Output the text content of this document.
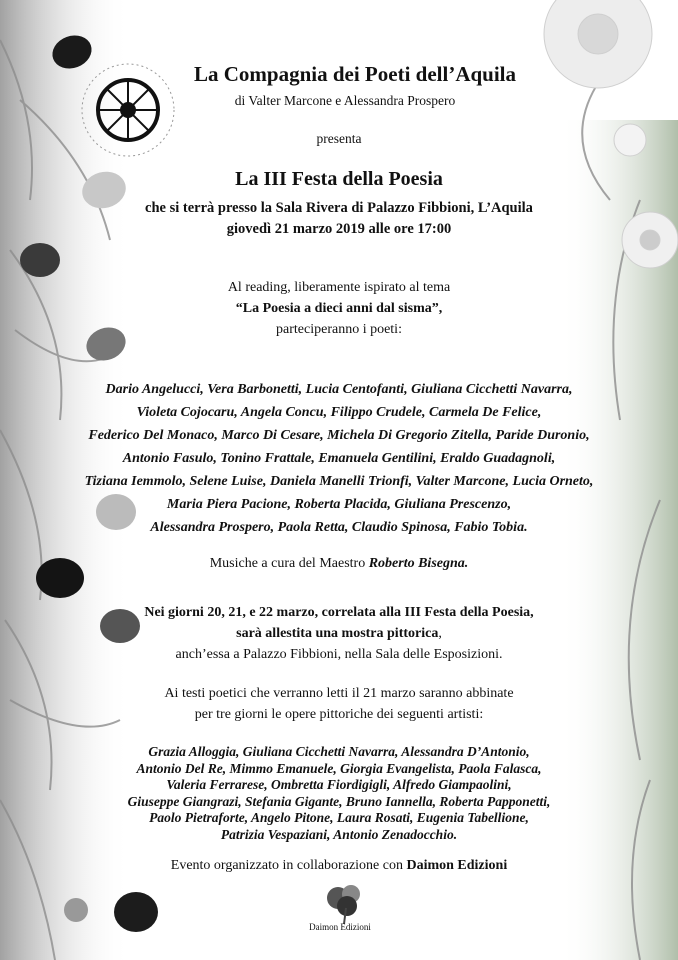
La Compagnia dei Poeti dell’Aquila
di Valter Marcone e Alessandra Prospero
presenta
La III Festa della Poesia
che si terrà presso la Sala Rivera di Palazzo Fibbioni, L’Aquila
giovedì 21 marzo 2019 alle ore 17:00
Al reading, liberamente ispirato al tema
“La Poesia a dieci anni dal sisma”,
parteciperanno i poeti:
Dario Angelucci, Vera Barbonetti, Lucia Centofanti, Giuliana Cicchetti Navarra,
Violeta Cojocaru, Angela Concu, Filippo Crudele, Carmela De Felice,
Federico Del Monaco, Marco Di Cesare, Michela Di Gregorio Zitella, Paride Duronio,
Antonio Fasulo, Tonino Frattale, Emanuela Gentilini, Eraldo Guadagnoli,
Tiziana Iemmolo, Selene Luise, Daniela Manelli Trionfi, Valter Marcone, Lucia Orneto,
Maria Piera Pacione, Roberta Placida, Giuliana Prescenzo,
Alessandra Prospero, Paola Retta, Claudio Spinosa, Fabio Tobia.
Musiche a cura del Maestro Roberto Bisegna.
Nei giorni 20, 21, e 22 marzo, correlata alla III Festa della Poesia,
sarà allestita una mostra pittorica,
anch’essa a Palazzo Fibbioni, nella Sala delle Esposizioni.
Ai testi poetici che verranno letti il 21 marzo saranno abbinate
per tre giorni le opere pittoriche dei seguenti artisti:
Grazia Alloggia, Giuliana Cicchetti Navarra, Alessandra D’Antonio,
Antonio Del Re, Mimmo Emanuele, Giorgia Evangelista, Paola Falasca,
Valeria Ferrarese, Ombretta Fiordigigli, Alfredo Giampaolini,
Giuseppe Giangrazi, Stefania Gigante, Bruno Iannella, Roberta Papponetti,
Paolo Pietraforte, Angelo Pitone, Laura Rosati, Eugenia Tabellione,
Patrizia Vespaziani, Antonio Zenadocchio.
Evento organizzato in collaborazione con Daimon Edizioni
Daimon Edizioni
